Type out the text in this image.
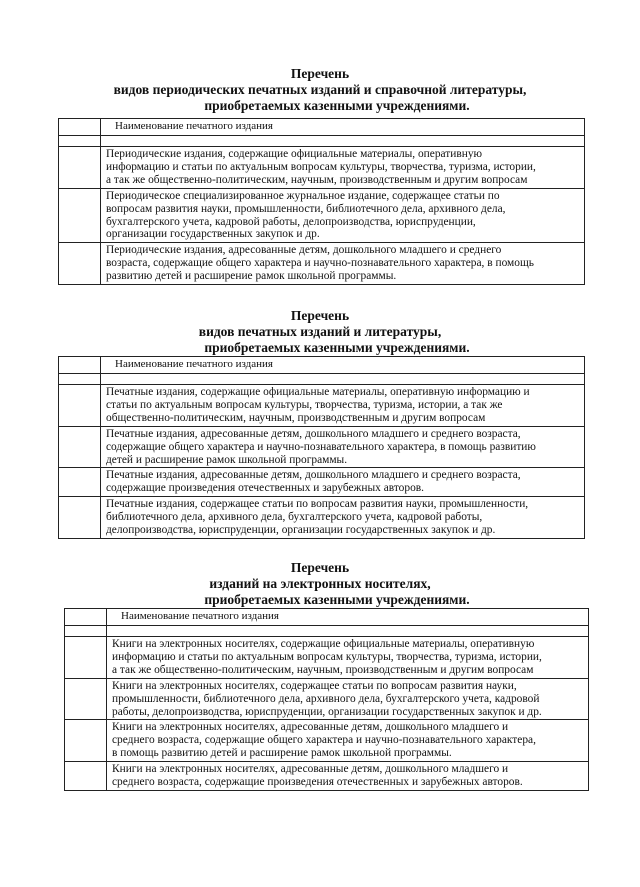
Перечень
видов периодических печатных изданий и справочной литературы,
приобретаемых казенными учреждениями.
	Наименование печатного издания

	Периодические издания, содержащие официальные материалы, оперативную
информацию и статьи по актуальным вопросам культуры, творчества, туризма, истории,
а так же общественно-политическим, научным, производственным и другим вопросам

	Периодическое специализированное журнальное издание, содержащее статьи по
вопросам развития науки, промышленности, библиотечного дела, архивного дела,
бухгалтерского учета, кадровой работы, делопроизводства, юриспруденции,
организации государственных закупок и др.

	Периодические издания, адресованные детям, дошкольного младшего и среднего
возраста, содержащие общего характера и научно-познавательного характера, в помощь
развитию детей и расширение рамок школьной программы.
Перечень
видов печатных изданий и литературы,
приобретаемых казенными учреждениями.
	Наименование печатного издания

	Печатные издания, содержащие официальные материалы, оперативную информацию и
статьи по актуальным вопросам культуры, творчества, туризма, истории, а так же
общественно-политическим, научным, производственным и другим вопросам

	Печатные издания, адресованные детям, дошкольного младшего и среднего возраста,
содержащие общего характера и научно-познавательного характера, в помощь развитию
детей и расширение рамок школьной программы.

	Печатные издания, адресованные детям, дошкольного младшего и среднего возраста,
содержащие произведения отечественных и зарубежных авторов.

	Печатные издания, содержащее статьи по вопросам развития науки, промышленности,
библиотечного дела, архивного дела, бухгалтерского учета, кадровой работы,
делопроизводства, юриспруденции, организации государственных закупок и др.
Перечень
изданий на электронных носителях,
приобретаемых казенными учреждениями.
	Наименование печатного издания

	Книги на электронных носителях, содержащие официальные материалы, оперативную
информацию и статьи по актуальным вопросам культуры, творчества, туризма, истории,
а так же общественно-политическим, научным, производственным и другим вопросам

	Книги на электронных носителях, содержащее статьи по вопросам развития науки,
промышленности, библиотечного дела, архивного дела, бухгалтерского учета, кадровой
работы, делопроизводства, юриспруденции, организации государственных закупок и др.

	Книги на электронных носителях, адресованные детям, дошкольного младшего и
среднего возраста, содержащие общего характера и научно-познавательного характера,
в помощь развитию детей и расширение рамок школьной программы.

	Книги на электронных носителях, адресованные детям, дошкольного младшего и
среднего возраста, содержащие произведения отечественных и зарубежных авторов.
